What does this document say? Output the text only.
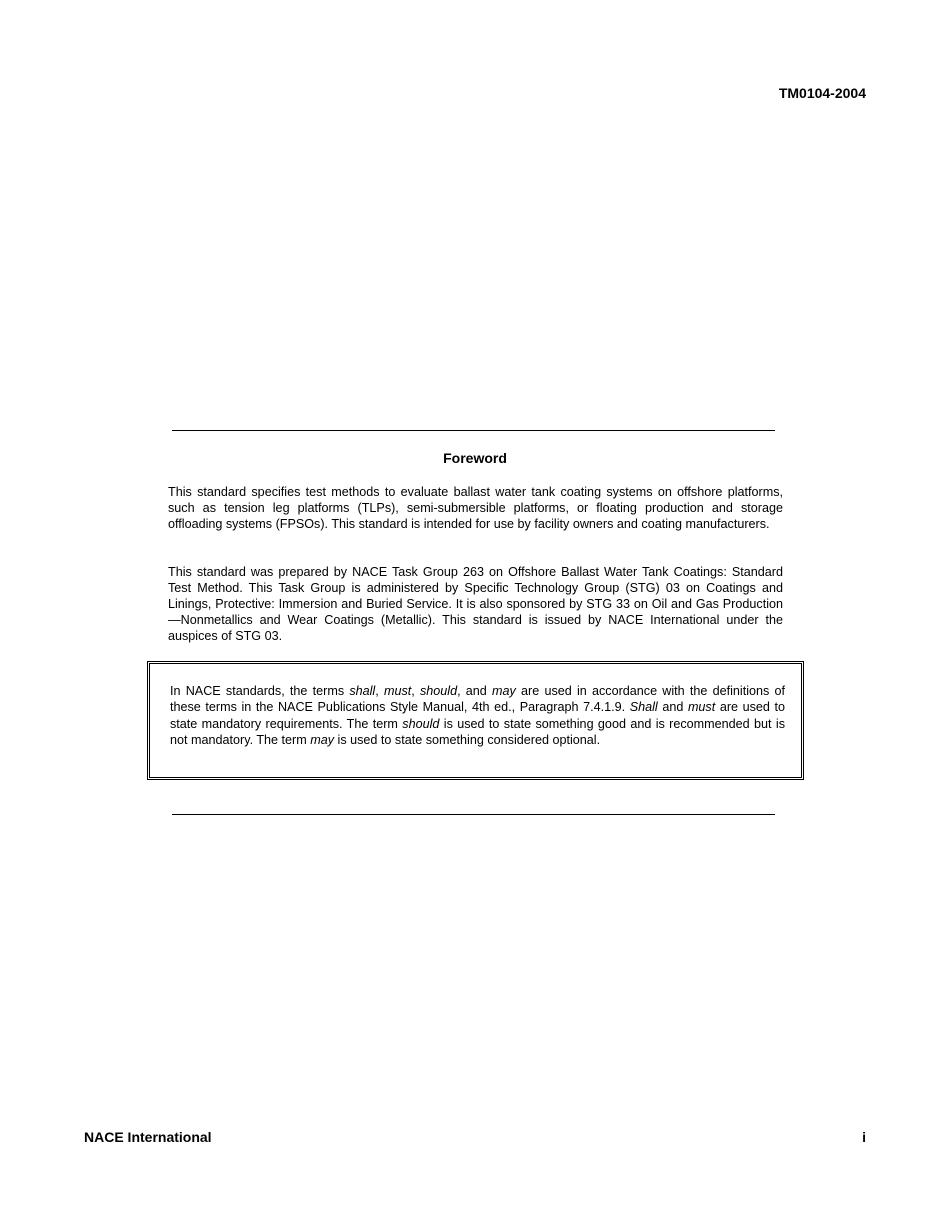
TM0104-2004
Foreword
This standard specifies test methods to evaluate ballast water tank coating systems on offshore platforms, such as tension leg platforms (TLPs), semi-submersible platforms, or floating production and storage offloading systems (FPSOs). This standard is intended for use by facility owners and coating manufacturers.
This standard was prepared by NACE Task Group 263 on Offshore Ballast Water Tank Coatings: Standard Test Method. This Task Group is administered by Specific Technology Group (STG) 03 on Coatings and Linings, Protective: Immersion and Buried Service. It is also sponsored by STG 33 on Oil and Gas Production—Nonmetallics and Wear Coatings (Metallic). This standard is issued by NACE International under the auspices of STG 03.
In NACE standards, the terms shall, must, should, and may are used in accordance with the definitions of these terms in the NACE Publications Style Manual, 4th ed., Paragraph 7.4.1.9. Shall and must are used to state mandatory requirements. The term should is used to state something good and is recommended but is not mandatory. The term may is used to state something considered optional.
NACE International	i
